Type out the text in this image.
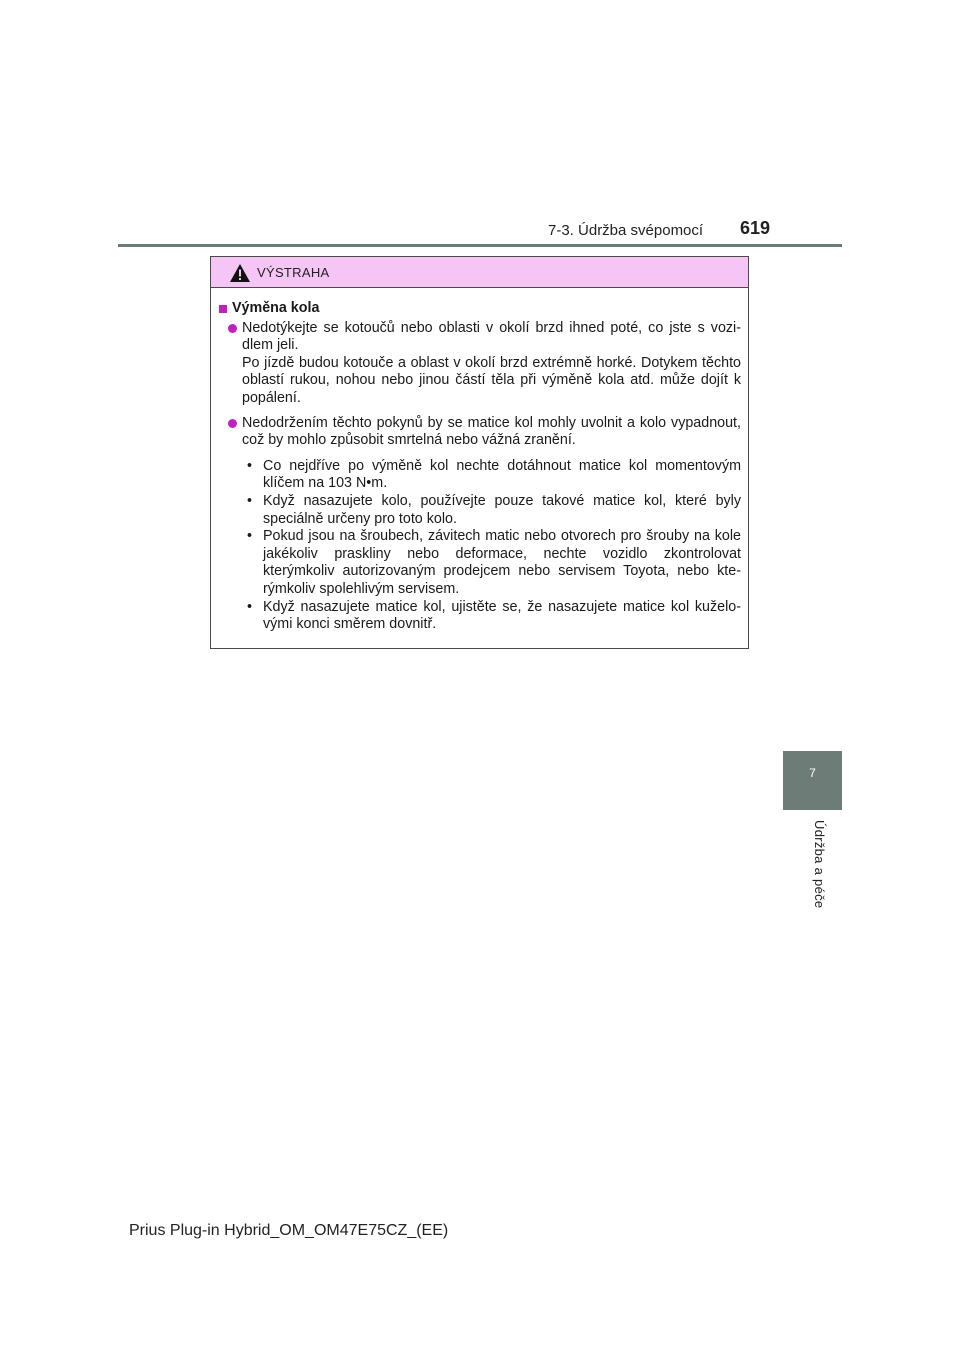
7-3. Údržba svépomocí 619
7
Údržba a péče
VÝSTRAHA
Výměna kola

Nedotýkejte se kotoučů nebo oblasti v okolí brzd ihned poté, co jste s vozi-dlem jeli.

Po jízdě budou kotouče a oblast v okolí brzd extrémně horké. Dotykem těchto oblastí rukou, nohou nebo jinou částí těla při výměně kola atd. může dojít k popálení.

Nedodržením těchto pokynů by se matice kol mohly uvolnit a kolo vypadnout, což by mohlo způsobit smrtelná nebo vážná zranění.

• Co nejdříve po výměně kol nechte dotáhnout matice kol momentovým klíčem na 103 N•m.
• Když nasazujete kolo, používejte pouze takové matice kol, které byly speciálně určeny pro toto kolo.
• Pokud jsou na šroubech, závitech matic nebo otvorech pro šrouby na kole jakékoliv praskliny nebo deformace, nechte vozidlo zkontrolovat kterýmkoliv autorizovaným prodejcem nebo servisem Toyota, nebo kte-rýmkoliv spolehlivým servisem.
• Když nasazujete matice kol, ujistěte se, že nasazujete matice kol kuželo-vými konci směrem dovnitř.
Prius Plug-in Hybrid_OM_OM47E75CZ_(EE)
